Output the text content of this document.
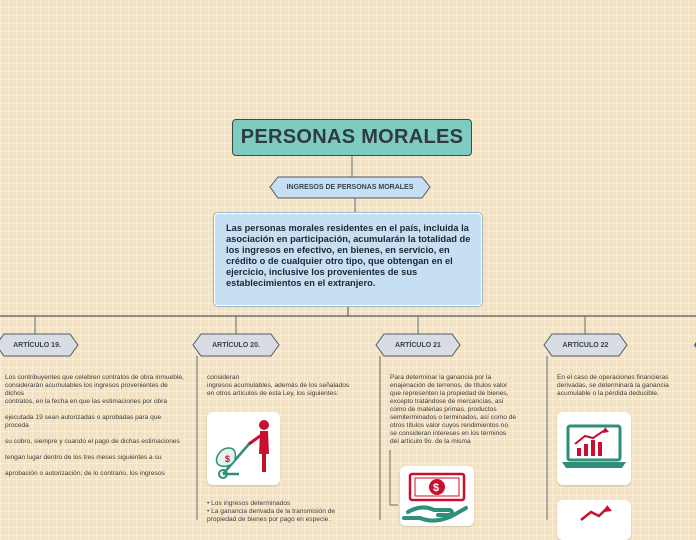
PERSONAS MORALES
INGRESOS DE PERSONAS MORALES
Las personas morales residentes en el país, incluida la asociación en participación, acumularán la totalidad de los ingresos en efectivo, en bienes, en servicio, en crédito o de cualquier otro tipo, que obtengan en el ejercicio, inclusive los provenientes de sus establecimientos en el extranjero.
ARTÍCULO 19.	ARTÍCULO 20.	ARTÍCULO 21	ARTÍCULO 22
Los contribuyentes que celebren contratos de obra inmueble,
considerarán acumulables los ingresos provenientes de dichos
contratos, en la fecha en que las estimaciones por obra

ejecutada 19 sean autorizadas o aprobadas para que proceda

su cobro, siempre y cuando el pago de dichas estimaciones

tengan lugar dentro de los tres meses siguientes a su

aprobación o autorización; de lo contrario, los ingresos
consideran
ingresos acumulables, además de los señalados
en otros artículos de esta Ley, los siguientes:
Para determinar la ganancia por la
enajenación de terrenos, de títulos valor
que representen la propiedad de bienes,
excepto tratándose de mercancías, así
como de materias primas, productos
semiterminados o terminados, así como de
otros títulos valor cuyos rendimientos no
se consideran intereses en los términos
del artículo 9o. de la misma
En el caso de operaciones financieras
derivadas, se determinará la ganancia
acumulable o la pérdida deducible.
• Los ingresos determinados
• La ganancia derivada de la transmisión de
propiedad de bienes por pago en especie.
$
$
